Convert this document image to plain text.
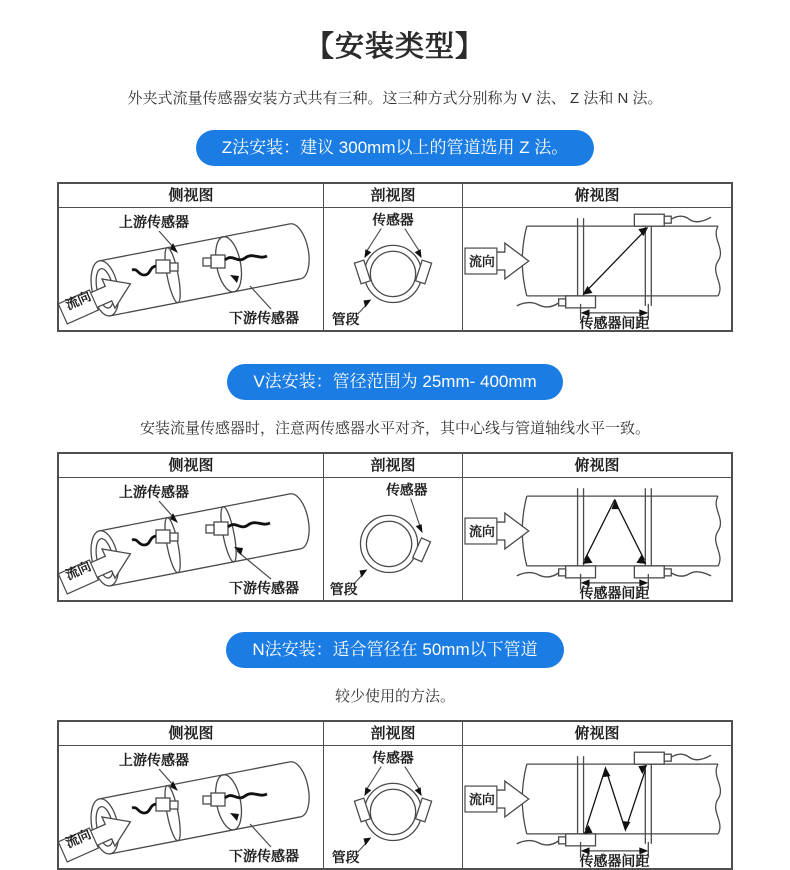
【安装类型】
外夹式流量传感器安装方式共有三种。这三种方式分别称为 V 法、 Z 法和 N 法。
Z法安装：建议 300mm以上的管道选用 Z 法。
侧视图	剖视图	俯视图
上游传感器
下游传感器
流向
传感器
管段
流向
传感器间距
V法安装：管径范围为 25mm- 400mm
安装流量传感器时，注意两传感器水平对齐，其中心线与管道轴线水平一致。
侧视图	剖视图	俯视图
上游传感器
下游传感器
流向
传感器
管段
流向
传感器间距
N法安装：适合管径在 50mm以下管道
较少使用的方法。
侧视图	剖视图	俯视图
上游传感器
下游传感器
流向
传感器
管段
流向
传感器间距
